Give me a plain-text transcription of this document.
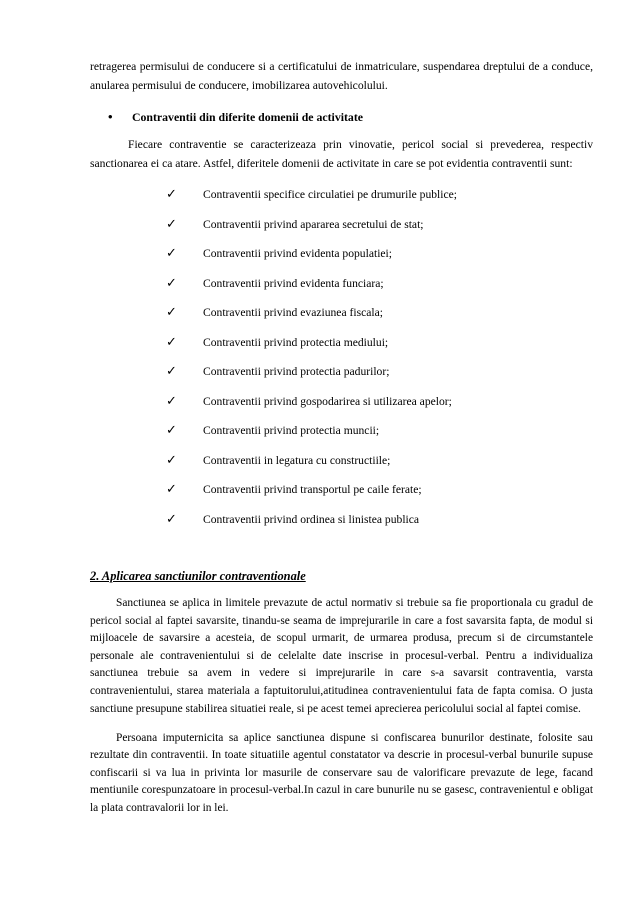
retragerea permisului de conducere si a certificatului de inmatriculare, suspendarea dreptului de a conduce, anularea permisului de conducere, imobilizarea autovehicolului.

• Contraventii din diferite domenii de activitate

Fiecare contraventie se caracterizeaza prin vinovatie, pericol social si prevederea, respectiv sanctionarea ei ca atare. Astfel, diferitele domenii de activitate in care se pot evidentia contraventii sunt:

✓ Contraventii specifice circulatiei pe drumurile publice;
✓ Contraventii privind apararea secretului de stat;
✓ Contraventii privind evidenta populatiei;
✓ Contraventii privind evidenta funciara;
✓ Contraventii privind evaziunea fiscala;
✓ Contraventii privind protectia mediului;
✓ Contraventii privind protectia padurilor;
✓ Contraventii privind gospodarirea si utilizarea apelor;
✓ Contraventii privind protectia muncii;
✓ Contraventii in legatura cu constructiile;
✓ Contraventii privind transportul pe caile ferate;
✓ Contraventii privind ordinea si linistea publica
2. Aplicarea sanctiunilor contraventionale

Sanctiunea se aplica in limitele prevazute de actul normativ si trebuie sa fie proportionala cu gradul de pericol social al faptei savarsite, tinandu-se seama de imprejurarile in care a fost savarsita fapta, de modul si mijloacele de savarsire a acesteia, de scopul urmarit, de urmarea produsa, precum si de circumstantele personale ale contravenientului si de celelalte date inscrise in procesul-verbal. Pentru a individualiza sanctiunea trebuie sa avem in vedere si imprejurarile in care s-a savarsit contraventia, varsta contravenientului, starea materiala a faptuitorului,atitudinea contravenientului fata de fapta comisa. O justa sanctiune presupune stabilirea situatiei reale, si pe acest temei aprecierea pericolului social al faptei comise.

Persoana imputernicita sa aplice sanctiunea dispune si confiscarea bunurilor destinate, folosite sau rezultate din contraventii. In toate situatiile agentul constatator va descrie in procesul-verbal bunurile supuse confiscarii si va lua in privinta lor masurile de conservare sau de valorificare prevazute de lege, facand mentiunile corespunzatoare in procesul-verbal.In cazul in care bunurile nu se gasesc, contravenientul e obligat la plata contravalorii lor in lei.
